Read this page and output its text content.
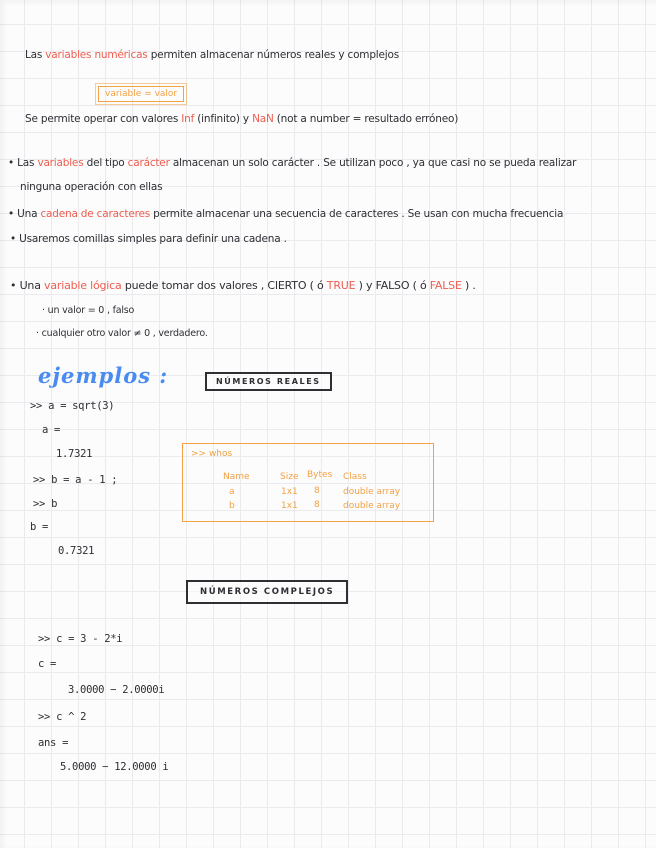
Las variables numéricas permiten almacenar números reales y complejos
variable = valor
Se permite operar con valores Inf (infinito) y NaN (not a number = resultado erróneo)
• Las variables del tipo carácter almacenan un solo carácter . Se utilizan poco , ya que casi no se pueda realizar
ninguna operación con ellas
• Una cadena de caracteres permite almacenar una secuencia de caracteres . Se usan con mucha frecuencia
• Usaremos comillas simples para definir una cadena .
• Una variable lógica puede tomar dos valores , CIERTO ( ó TRUE ) y FALSO ( ó FALSE ) .
· un valor = 0 , falso
· cualquier otro valor ≠ 0 , verdadero.
ejemplos :	NÚMEROS REALES
>> a = sqrt(3)
a =
1.7321
>> b = a - 1 ;
>> b
b =
0.7321
>> whos
Name	Size Bytes Class
a	1x1 8	double array
b	1x1 8	double array
NÚMEROS COMPLEJOS
>> c = 3 - 2*i
c =
3.0000 − 2.0000i
>> c ^ 2
ans =
5.0000 − 12.0000 i
